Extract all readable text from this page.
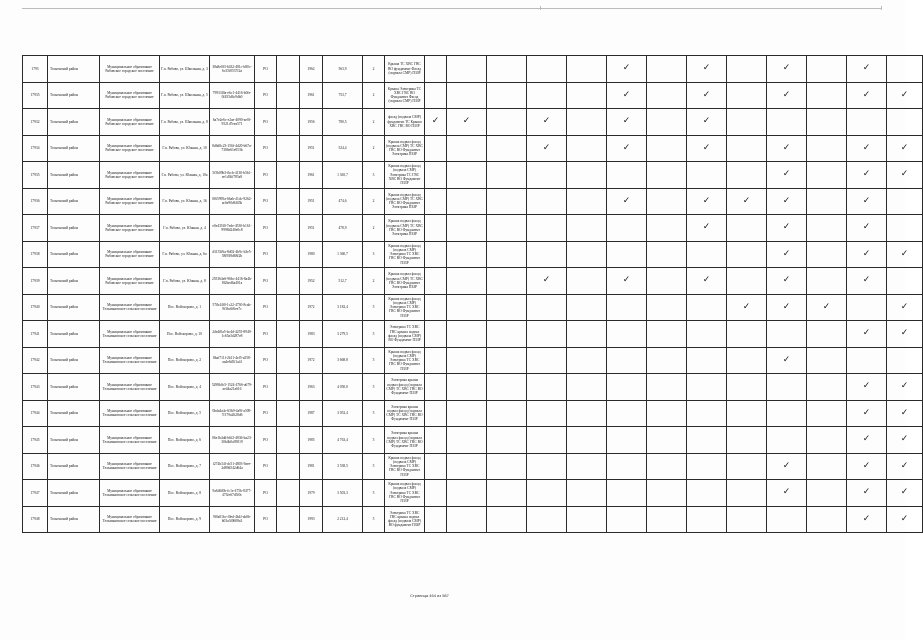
1793	Тосненский район	Муниципальное образование Рябовское городское поселение	Г.п. Рябово, ул. Школьная, д. 3	38a8e0f3-6432-481c-b80c-6c35f0537f2a	РО		1962	563,9	2	Крыша ТС ХВС ГВС ВО фундамент Фасад (подвала СМР) ПЗЗР						✓		✓		✓		✓	
17935	Тосненский район	Муниципальное образование Рябовское городское поселение	Г.п. Рябово, ул. Школьная, д. 5	79933f0a-e6c1-4416-b0fe-0f455d6c9db0	РО		1961	753,7	2	Крыша Электрика ТС ХВС ГВС ВО Фундамент Фасад (подвала СМР) ПЗЗР						✓		✓		✓		✓	✓
17932	Тосненский район	Муниципальное образование Рябовское городское поселение	Г.п. Рябово, ул. Школьная, д. 8	6a7e2e6c-e2ae-4090-ae0f-9521d7eea571	РО		1956	780,5	2	фасад (подвала СМР) фундамент ТС Крыша ХВС ГВС ВО ПЗЗР	✓	✓		✓		✓		✓					
17934	Тосненский район	Муниципальное образование Рябовское городское поселение	Г.п. Рябово, ул. Южная, д. 10	8d6d0c23-156f-4d20-b67a-7306e61e053b	РО		1951	524,4	2	Крыша подвал фасад (подвала СМР) ТС ХВС ГВС ВО Фундамент Электрика ПЗЗР				✓		✓		✓		✓		✓	✓
17935	Тосненский район	Муниципальное образование Рябовское городское поселение	Г.п. Рябово, ул. Южная, д. 10а	5f5b09b3-fbcb-4130-b5b1-ee1d36f785a9	РО		1961	1 365,7	3	Крыша подвал фасад (подвала СМР) Электрика ТС ГВС ХВС ВО Фундамент ПЗЗР										✓		✓	✓
17936	Тосненский район	Муниципальное образование Рябовское городское поселение	Г.п. Рябово, ул. Южная, д. 16	0f65995a-66ab-41dc-9262-ac6e90d6f45b	РО		1951	474,6	2	Крыша подвал фасад (подвала СМР) ТС ХВС ГВС ВО Фундамент Электрика ПЗЗР						✓		✓	✓	✓		✓	
17937	Тосненский район	Муниципальное образование Рябовское городское поселение	Г.п. Рябово, ул. Южная, д. 4	e0e435f0-7ede-4530-b161-9998d240e0c8	РО		1951	478,9	2	Крыша подвал фасад (подвала СМР) ТС ХВС ГВС ВО Фундамент Электрика ПЗЗР								✓		✓		✓	
17938	Тосненский район	Муниципальное образование Рябовское городское поселение	Г.п. Рябово, ул. Южная, д. 6а	d3153f6a-8d02-4b9c-b3e5-58f938d68f2b	РО		1980	1 360,7	3	Крыша подвал фасад (подвала СМР) Электрика ТС ХВС ГВС ВО Фундамент ПЗЗР										✓		✓	✓
17939	Тосненский район	Муниципальное образование Рябовское городское поселение	Г.п. Рябово, ул. Южная, д. 8	255364e6-96bc-4416-8a4b-8f2bed6a401a	РО		1952	512,7	2	Крыша подвал фасад (подвала СМР) ТС ХВС ГВС ВО Фундамент Электрика ПЗЗР				✓		✓		✓		✓		✓	
17940	Тосненский район	Муниципальное образование Тельмановское сельское поселение	Пос. Войскорово, д. 1	57fb44f0-1c22-4730-8cab-9f3bc6f6ee7c	РО		1972	3 182,4	5	Крыша подвал фасад (подвала СМР) Электрика ТС ХВС ГВС ВО Фундамент ПЗЗР									✓	✓	✓		✓
17941	Тосненский район	Муниципальное образование Тельмановское сельское поселение	Пос. Войскорово, д. 10	2de4f0a5-bc4d-4255-8949-1c65a3d287e8	РО		1983	3 279,5	5	Электрика ТС ХВС ГВС крыша подвал фасад (подвала СМР) ВО Фундамент ПЗЗР												✓	✓
17942	Тосненский район	Муниципальное образование Тельмановское сельское поселение	Пос. Войскорово, д. 2	8baf711f-2b11-4ef5-a558-aa4e6d5f1a4f	РО		1972	3 668,8	5	Крыша подвал фасад (подвала СМР) Электрика ТС ХВС ГВС ВО Фундамент ПЗЗР										✓			
17943	Тосненский район	Муниципальное образование Тельмановское сельское поселение	Пос. Войскорово, д. 4	5298b0c5-1524-4766-a679-ae44a21a616	РО		1963	4 050,0	5	Электрика крыша подвал фасад (подвала СМР) ТС ХВС ГВС ВО Фундамент ПЗЗР												✓	✓
17944	Тосненский район	Муниципальное образование Тельмановское сельское поселение	Пос. Войскорово, д. 5	0bda4a4c-65b9-4a9f-a509-7f179a2628d6	РО		1987	3 052,4	5	Электрика крыша подвал фасад (подвала СМР) ТС ХВС ГВС ВО Фундамент ПЗЗР												✓	✓
17945	Тосненский район	Муниципальное образование Тельмановское сельское поселение	Пос. Войскорово, д. 6	06e1b4dd-b6f2-4836-ba23-30b4b0a95819	РО		1985	4 763,4	5	Электрика крыша подвал фасад (подвала СМР) ТС ХВС ГВС ВО Фундамент ПЗЗР												✓	✓
17946	Тосненский район	Муниципальное образование Тельмановское сельское поселение	Пос. Войскорово, д. 7	f274b34f-dc51-4803-9aee-2d89d542d64a	РО		1981	3 538,5	5	Крыша подвал фасад (подвала СМР) Электрика ТС ХВС ГВС ВО Фундамент ПЗЗР										✓		✓	✓
17947	Тосненский район	Муниципальное образование Тельмановское сельское поселение	Пос. Войскорово, д. 8	9a646f0b-fc1e-475b-8477-473fe67d5f0c	РО		1979	3 503,3	5	Крыша подвал фасад (подвала СМР) Электрика ТС ХВС ГВС ВО Фундамент ПЗЗР										✓		✓	✓
17948	Тосненский район	Муниципальное образование Тельмановское сельское поселение	Пос. Войскорово, д. 9	9f0a01bc-f0ed-4b4f-ab0b-b03a3f0608a3	РО		1993	2 212,4	5	Электрика ТС ХВС ГВС крыша подвал фасад (подвала СМР) ВО фундамент ПЗЗР												✓	✓
Страница 464 из 587
